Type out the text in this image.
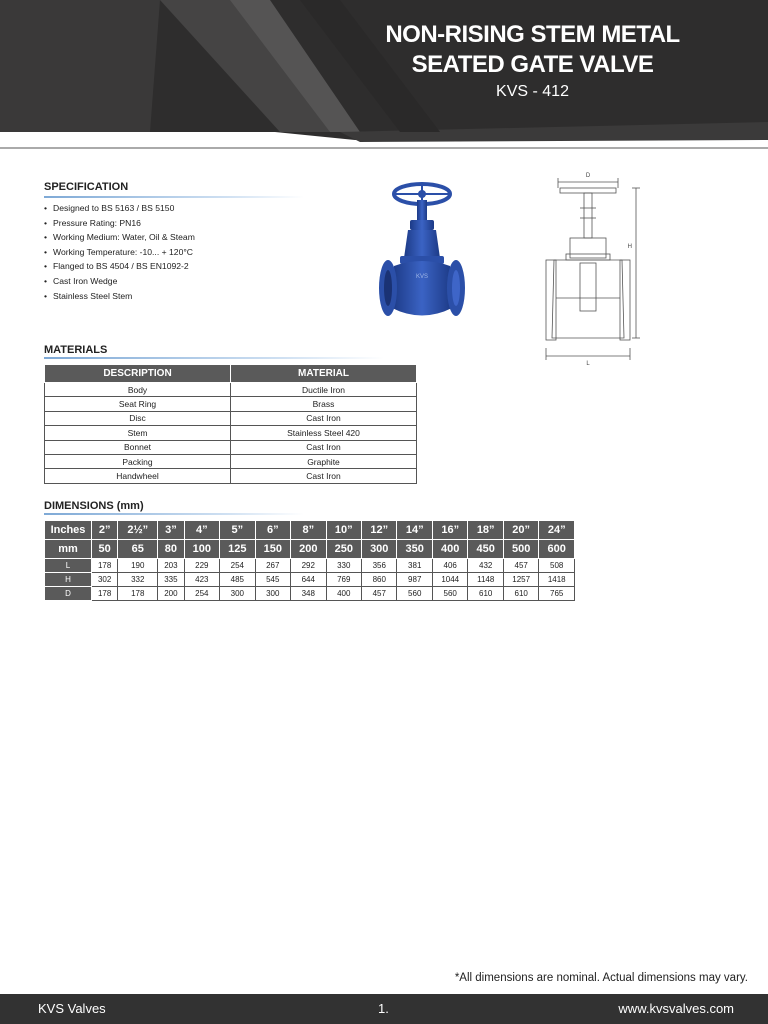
NON-RISING STEM METAL SEATED GATE VALVE
KVS - 412
SPECIFICATION
• Designed to BS 5163 / BS 5150
• Pressure Rating: PN16
• Working Medium: Water, Oil & Steam
• Working Temperature: -10... + 120°C
• Flanged to BS 4504 / BS EN1092-2
• Cast Iron Wedge
• Stainless Steel Stem
KVS
D
H
L
MATERIALS
DESCRIPTION	MATERIAL
Body	Ductile Iron
Seat Ring	Brass
Disc	Cast Iron
Stem	Stainless Steel 420
Bonnet	Cast Iron
Packing	Graphite
Handwheel	Cast Iron
DIMENSIONS (mm)
Inches	2”	2½”	3”	4”	5”	6”	8”	10”	12”	14”	16”	18”	20”	24”
mm	50	65	80	100	125	150	200	250	300	350	400	450	500	600
L	178	190	203	229	254	267	292	330	356	381	406	432	457	508
H	302	332	335	423	485	545	644	769	860	987	1044	1148	1257	1418
D	178	178	200	254	300	300	348	400	457	560	560	610	610	765
*All dimensions are nominal. Actual dimensions may vary.
KVS Valves	1.	www.kvsvalves.com
